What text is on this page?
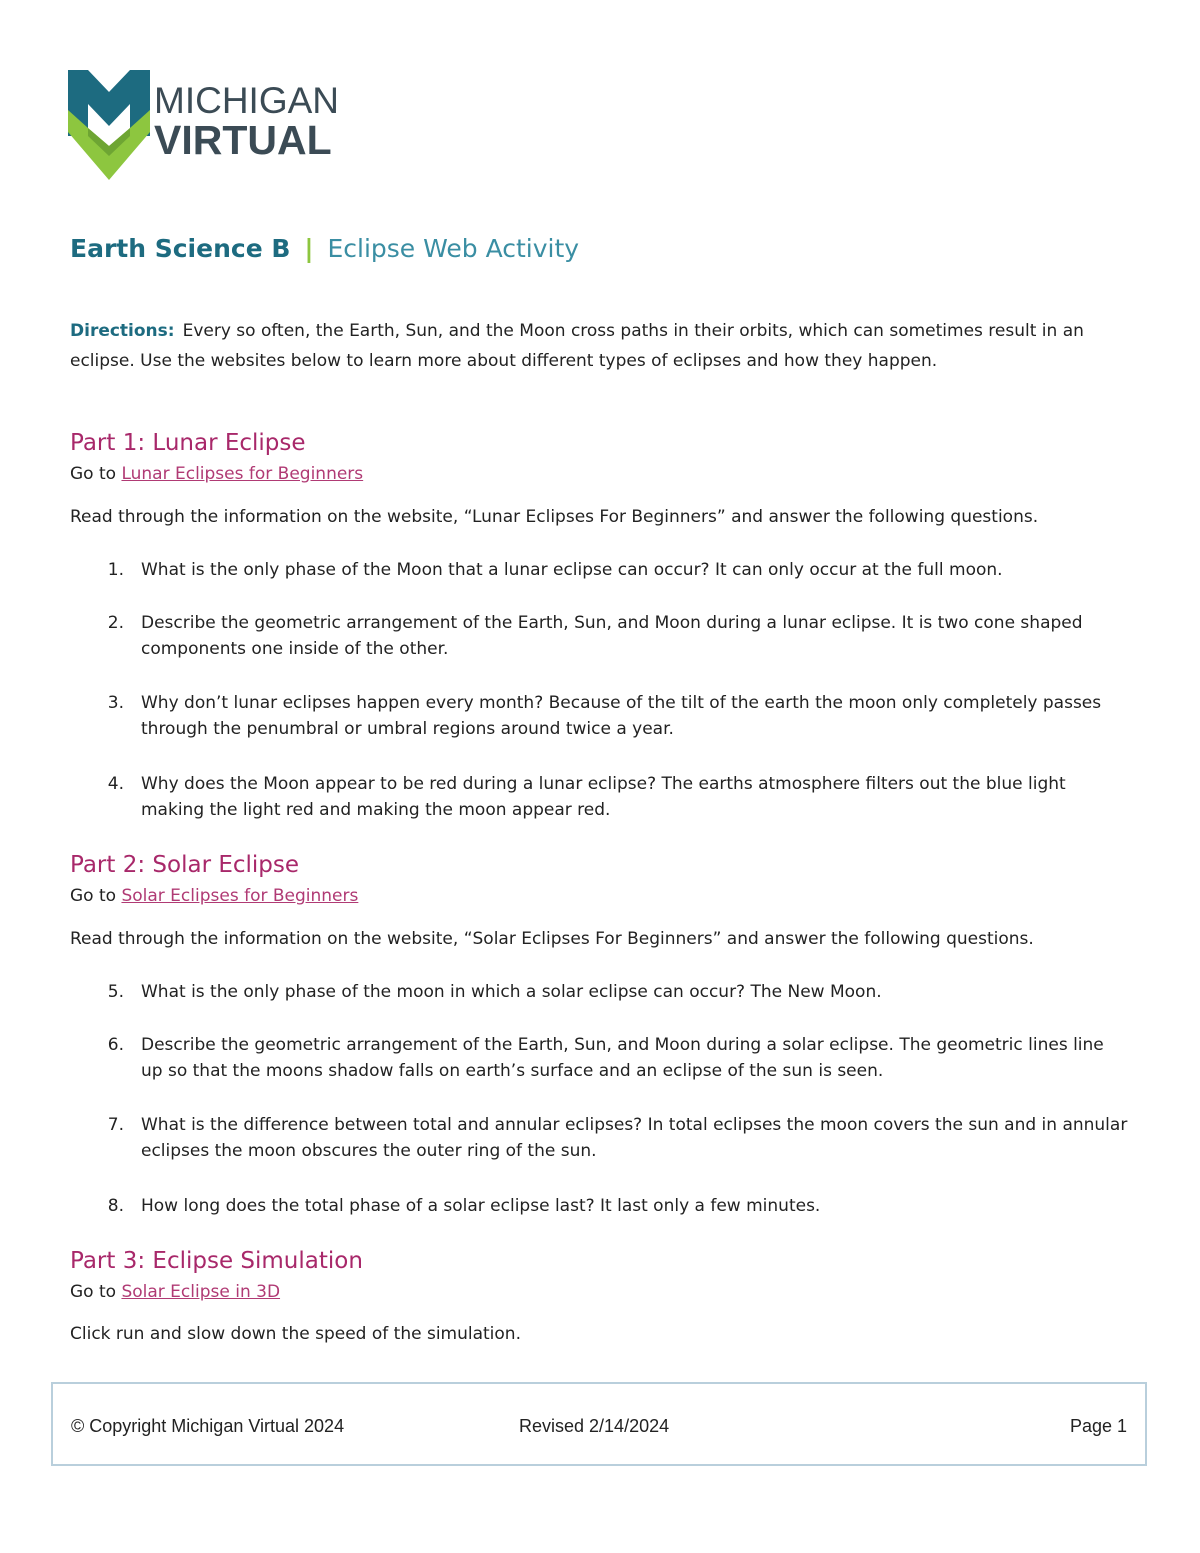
MICHIGAN
VIRTUAL
Earth Science B | Eclipse Web Activity
Directions: Every so often, the Earth, Sun, and the Moon cross paths in their orbits, which can sometimes result in an eclipse. Use the websites below to learn more about different types of eclipses and how they happen.
Part 1: Lunar Eclipse
Go to Lunar Eclipses for Beginners
Read through the information on the website, “Lunar Eclipses For Beginners” and answer the following questions.
1. What is the only phase of the Moon that a lunar eclipse can occur? It can only occur at the full moon.
2. Describe the geometric arrangement of the Earth, Sun, and Moon during a lunar eclipse. It is two cone shaped components one inside of the other.
3. Why don’t lunar eclipses happen every month? Because of the tilt of the earth the moon only completely passes through the penumbral or umbral regions around twice a year.
4. Why does the Moon appear to be red during a lunar eclipse? The earths atmosphere filters out the blue light making the light red and making the moon appear red.
Part 2: Solar Eclipse
Go to Solar Eclipses for Beginners
Read through the information on the website, “Solar Eclipses For Beginners” and answer the following questions.
5. What is the only phase of the moon in which a solar eclipse can occur? The New Moon.
6. Describe the geometric arrangement of the Earth, Sun, and Moon during a solar eclipse. The geometric lines line up so that the moons shadow falls on earth’s surface and an eclipse of the sun is seen.
7. What is the difference between total and annular eclipses? In total eclipses the moon covers the sun and in annular eclipses the moon obscures the outer ring of the sun.
8. How long does the total phase of a solar eclipse last? It last only a few minutes.
Part 3: Eclipse Simulation
Go to Solar Eclipse in 3D
Click run and slow down the speed of the simulation.
© Copyright Michigan Virtual 2024	Revised 2/14/2024	Page 1
